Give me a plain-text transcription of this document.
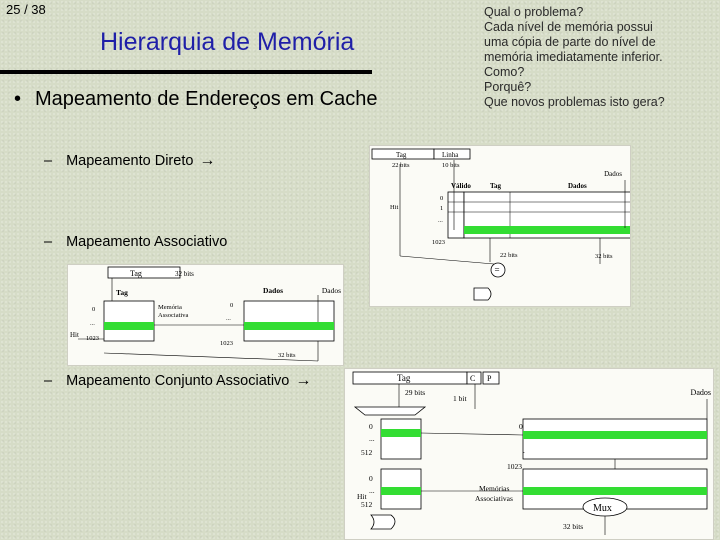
25 / 38
Hierarquia de Memória
• Mapeamento de Endereços em Cache
– Mapeamento Direto →
– Mapeamento Associativo
– Mapeamento Conjunto Associativo →
Qual o problema?
Cada nível de memória possui
uma cópia de parte do nível de
memória imediatamente inferior.
Como?
Porquê?
Que novos problemas isto gera?
Tag	Linha
22 bits	10 bits
Válido	Tag	Dados
Dados
0
1
...
1023
Hit
22 bits	32 bits
=
Tag	32 bits
Tag	Dados	Dados
0
...
1023
Memória
Associativa
0
...
1023
Hit
32 bits
Tag	C P
29 bits
1 bit
Dados
0
...
512
0
.
1023
0
...
512
Hit
Memórias
Associativas
Mux
32 bits
